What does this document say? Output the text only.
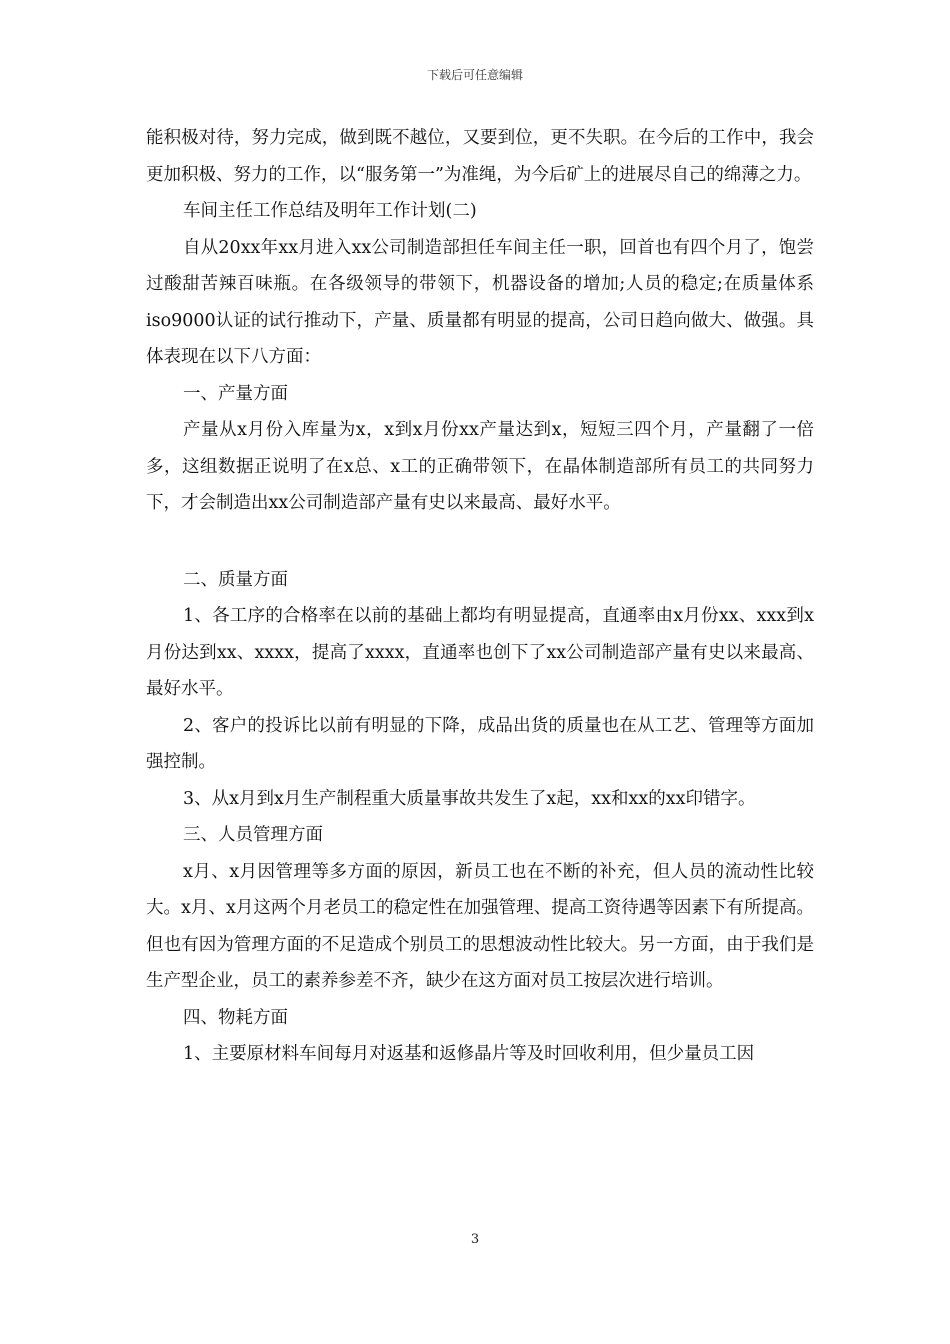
下载后可任意编辑

能积极对待，努力完成，做到既不越位，又要到位，更不失职。在今后的工作中，我会更加积极、努力的工作，以“服务第一”为准绳，为今后矿上的进展尽自己的绵薄之力。

车间主任工作总结及明年工作计划(二)

自从20xx年xx月进入xx公司制造部担任车间主任一职，回首也有四个月了，饱尝过酸甜苦辣百味瓶。在各级领导的带领下，机器设备的增加;人员的稳定;在质量体系iso9000认证的试行推动下，产量、质量都有明显的提高，公司日趋向做大、做强。具体表现在以下八方面：

一、产量方面

产量从x月份入库量为x，x到x月份xx产量达到x，短短三四个月，产量翻了一倍多，这组数据正说明了在x总、x工的正确带领下，在晶体制造部所有员工的共同努力下，才会制造出xx公司制造部产量有史以来最高、最好水平。

二、质量方面

1、各工序的合格率在以前的基础上都均有明显提高，直通率由x月份xx、xxx到x月份达到xx、xxxx，提高了xxxx，直通率也创下了xx公司制造部产量有史以来最高、最好水平。

2、客户的投诉比以前有明显的下降，成品出货的质量也在从工艺、管理等方面加强控制。

3、从x月到x月生产制程重大质量事故共发生了x起，xx和xx的xx印错字。

三、人员管理方面

x月、x月因管理等多方面的原因，新员工也在不断的补充，但人员的流动性比较大。x月、x月这两个月老员工的稳定性在加强管理、提高工资待遇等因素下有所提高。但也有因为管理方面的不足造成个别员工的思想波动性比较大。另一方面，由于我们是生产型企业，员工的素养参差不齐，缺少在这方面对员工按层次进行培训。

四、物耗方面

1、主要原材料车间每月对返基和返修晶片等及时回收利用，但少量员工因

3
